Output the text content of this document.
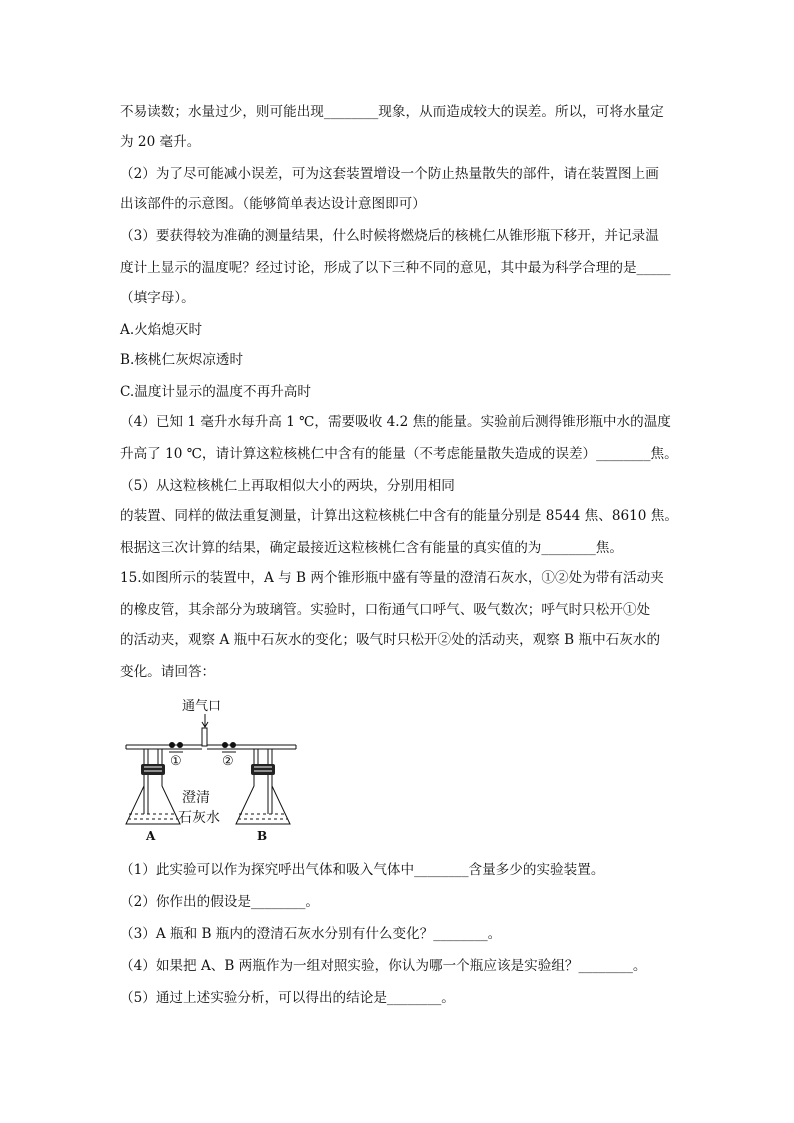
不易读数；水量过少，则可能出现________现象，从而造成较大的误差。所以，可将水量定
为 20 毫升。
（2）为了尽可能减小误差，可为这套装置增设一个防止热量散失的部件，请在装置图上画
出该部件的示意图。（能够简单表达设计意图即可）
（3）要获得较为准确的测量结果，什么时候将燃烧后的核桃仁从锥形瓶下移开，并记录温
度计上显示的温度呢？经过讨论，形成了以下三种不同的意见，其中最为科学合理的是_____
（填字母）。
A.火焰熄灭时
B.核桃仁灰烬凉透时
C.温度计显示的温度不再升高时
（4）已知 1 毫升水每升高 1 ℃，需要吸收 4.2 焦的能量。实验前后测得锥形瓶中水的温度
升高了 10 ℃，请计算这粒核桃仁中含有的能量（不考虑能量散失造成的误差）________焦。
（5）从这粒核桃仁上再取相似大小的两块，分别用相同
的装置、同样的做法重复测量，计算出这粒核桃仁中含有的能量分别是 8544 焦、8610 焦。
根据这三次计算的结果，确定最接近这粒核桃仁含有能量的真实值的为________焦。
15.如图所示的装置中，A 与 B 两个锥形瓶中盛有等量的澄清石灰水，①②处为带有活动夹
的橡皮管，其余部分为玻璃管。实验时，口衔通气口呼气、吸气数次；呼气时只松开①处
的活动夹，观察 A 瓶中石灰水的变化；吸气时只松开②处的活动夹，观察 B 瓶中石灰水的
变化。请回答：
（1）此实验可以作为探究呼出气体和吸入气体中________含量多少的实验装置。
（2）你作出的假设是________。
（3）A 瓶和 B 瓶内的澄清石灰水分别有什么变化？________。
（4）如果把 A、B 两瓶作为一组对照实验，你认为哪一个瓶应该是实验组？________。
（5）通过上述实验分析，可以得出的结论是________。
通气口
①	②
澄清
石灰水
A	B
